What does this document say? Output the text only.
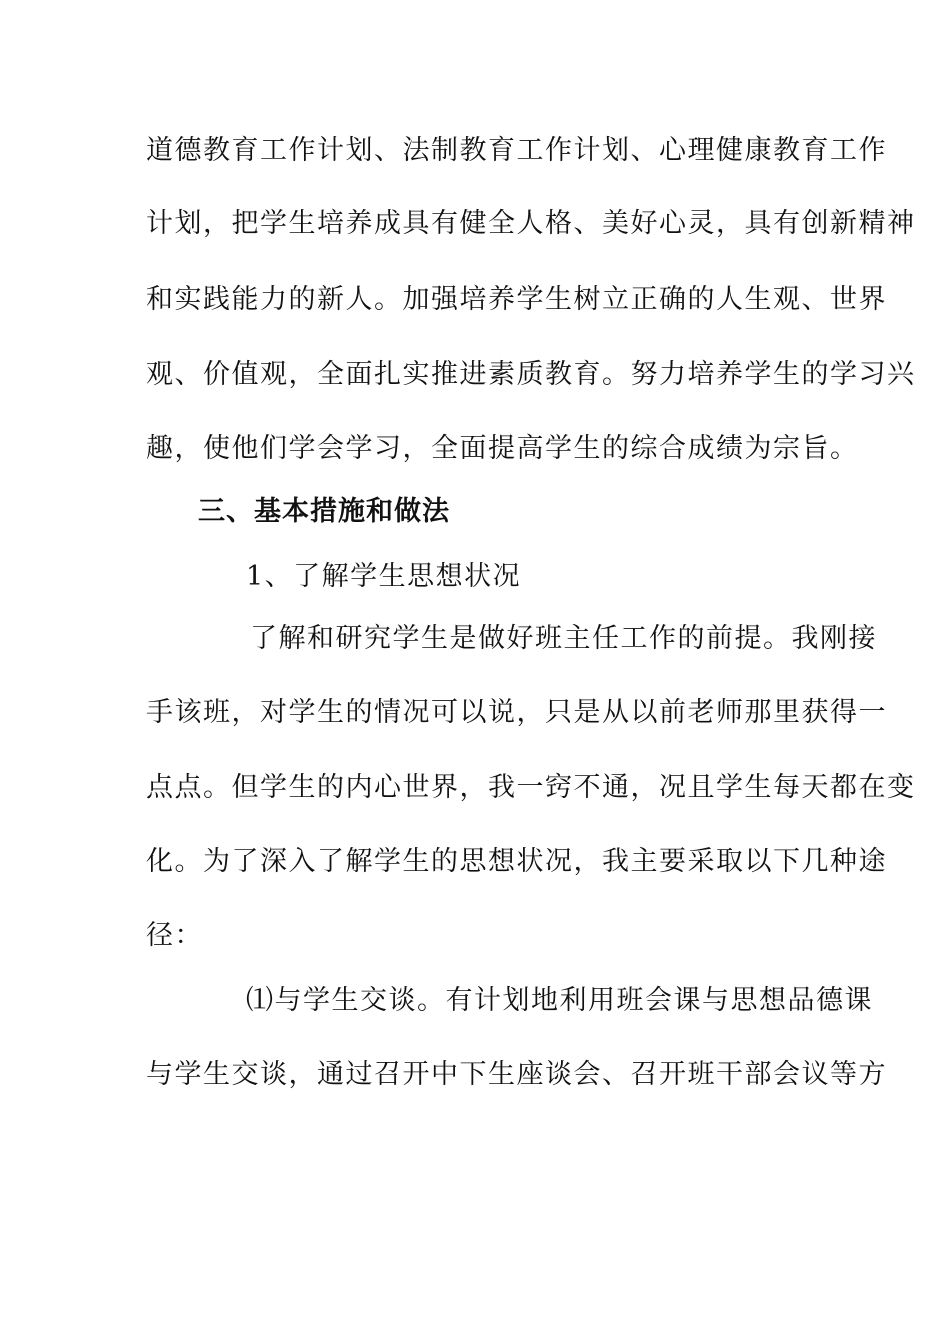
道德教育工作计划、法制教育工作计划、心理健康教育工作
计划，把学生培养成具有健全人格、美好心灵，具有创新精神
和实践能力的新人。加强培养学生树立正确的人生观、世界
观、价值观，全面扎实推进素质教育。努力培养学生的学习兴
趣，使他们学会学习，全面提高学生的综合成绩为宗旨。
三、基本措施和做法
1、了解学生思想状况
了解和研究学生是做好班主任工作的前提。我刚接
手该班，对学生的情况可以说，只是从以前老师那里获得一
点点。但学生的内心世界，我一窍不通，况且学生每天都在变
化。为了深入了解学生的思想状况，我主要采取以下几种途
径：
⑴与学生交谈。有计划地利用班会课与思想品德课
与学生交谈，通过召开中下生座谈会、召开班干部会议等方
